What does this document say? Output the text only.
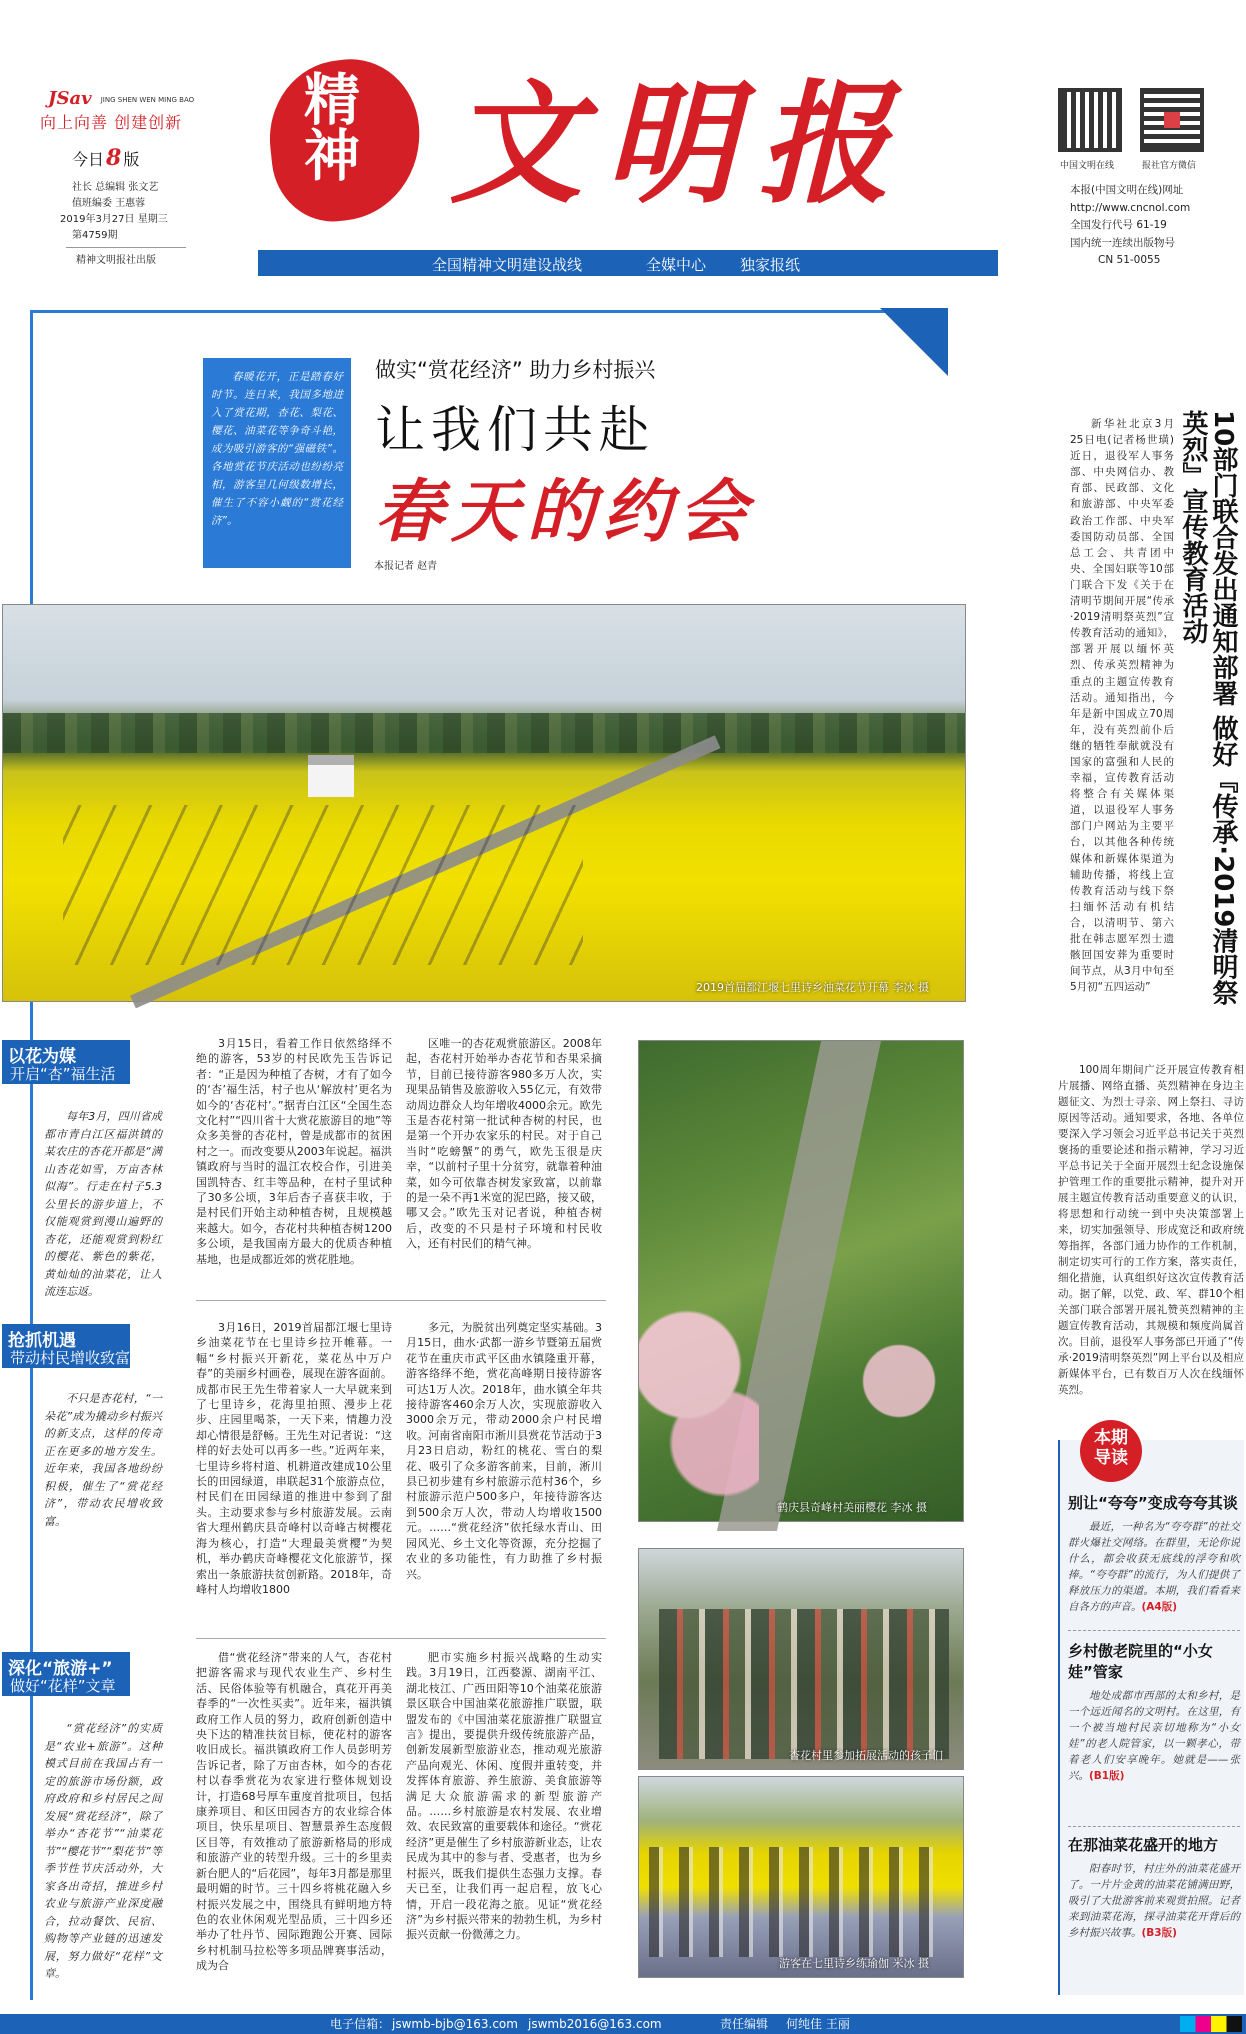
JSav JING SHEN WEN MING BAO
向上向善 创建创新
今日8 版
社长 总编辑 张文艺
值班编委 王惠蓉
2019年3月27日 星期三
第4759期
精神文明报社出版
精神 文明报
全国精神文明建设战线	全媒中心 独家报纸
中国文明在线	报社官方微信
本报(中国文明在线)网址
http://www.cncnol.com
全国发行代号 61-19
国内统一连续出版物号
CN 51-0055
春暖花开，正是踏春好时节。连日来，我国多地进入了赏花期，杏花、梨花、樱花、油菜花等争奇斗艳，成为吸引游客的“强磁铁”。各地赏花节庆活动也纷纷亮相，游客呈几何级数增长，催生了不容小觑的“赏花经济”。
做实“赏花经济” 助力乡村振兴
让我们共赴
春天的约会
本报记者 赵青
2019首届都江堰七里诗乡油菜花节开幕 李冰 摄
以花为媒
开启“杏”福生活

每年3月，四川省成都市青白江区福洪镇的某农庄的杏花开都是“满山杏花如雪，万亩杏林似海”。行走在村子5.3公里长的游步道上，不仅能观赏到漫山遍野的杏花，还能观赏到粉红的樱花、紫色的紫花，黄灿灿的油菜花，让人流连忘返。

抢抓机遇
带动村民增收致富

不只是杏花村，“一朵花”成为撬动乡村振兴的新支点，这样的传奇正在更多的地方发生。近年来，我国各地纷纷积极，催生了“赏花经济”，带动农民增收致富。

深化“旅游+”
做好“花样”文章

“赏花经济”的实质是“农业+旅游”。这种模式目前在我国占有一定的旅游市场份额，政府政府和乡村居民之间发展“赏花经济”，除了举办“杏花节”“油菜花节”“樱花节”“梨花节”等季节性节庆活动外，大家各出奇招，推进乡村农业与旅游产业深度融合，拉动餐饮、民宿、购物等产业链的迅速发展，努力做好“花样”文章。

3月15日，看着工作日依然络绎不绝的游客，53岁的村民欧先玉告诉记者：“正是因为种植了杏树，才有了如今的‘杏’福生活，村子也从‘解放村’更名为如今的‘杏花村’。”据青白江区“全国生态文化村”“四川省十大赏花旅游目的地”等众多美誉的杏花村，曾是成都市的贫困村之一。而改变要从2003年说起。福洪镇政府与当时的温江农校合作，引进美国凯特杏、红丰等品种，在村子里试种了30多公顷，3年后杏子喜获丰收，于是村民们开始主动种植杏树，且规模越来越大。如今，杏花村共种植杏树1200多公顷，是我国南方最大的优质杏种植基地，也是成都近郊的赏花胜地。

区唯一的杏花观赏旅游区。2008年起，杏花村开始举办杏花节和杏果采摘节，目前已接待游客980多万人次，实现果品销售及旅游收入55亿元，有效带动周边群众人均年增收4000余元。欧先玉是杏花村第一批试种杏树的村民，也是第一个开办农家乐的村民。对于自己当时“吃螃蟹”的勇气，欧先玉很是庆幸，“以前村子里十分贫穷，就靠着种油菜，如今可依靠杏树发家致富，以前靠的是一朵不再1米宽的泥巴路，接又破，哪又会。”欧先玉对记者说，种植杏树后，改变的不只是村子环境和村民收入，还有村民们的精气神。

3月16日，2019首届都江堰七里诗乡油菜花节在七里诗乡拉开帷幕。一幅“乡村振兴开新花，菜花丛中万户春”的美丽乡村画卷，展现在游客面前。成都市民王先生带着家人一大早就来到了七里诗乡，花海里拍照、漫步上花步、庄园里喝茶，一天下来，情趣力没却心情很是舒畅。王先生对记者说：“这样的好去处可以再多一些。”近两年来，七里诗乡将村道、机耕道改建成10公里长的田园绿道，串联起31个旅游点位，村民们在田园绿道的推进中参到了甜头。主动要求参与乡村旅游发展。云南省大理州鹤庆县奇峰村以奇峰古树樱花海为核心，打造“大理最美赏樱”为契机，举办鹤庆奇峰樱花文化旅游节，探索出一条旅游扶贫创新路。2018年，奇峰村人均增收1800

多元，为脱贫出列奠定坚实基础。3月15日，曲水·武都一游乡节暨第五届赏花节在重庆市武平区曲水镇隆重开幕，游客络绎不绝，赏花高峰期日接待游客可达1万人次。2018年，曲水镇全年共接待游客460余万人次，实现旅游收入3000余万元，带动2000余户村民增收。河南省南阳市淅川县赏花节活动于3月23日启动，粉红的桃花、雪白的梨花、吸引了众多游客前来，目前，淅川县已初步建有乡村旅游示范村36个，乡村旅游示范户500多户，年接待游客达到500余万人次，带动人均增收1500元。……“赏花经济”依托绿水青山、田园风光、乡土文化等资源，充分挖掘了农业的多功能性，有力助推了乡村振兴。

借“赏花经济”带来的人气，杏花村把游客需求与现代农业生产、乡村生活、民俗体验等有机融合，真花开再美春季的“一次性买卖”。近年来，福洪镇政府工作人员的努力，政府创新创造中央下达的精准扶贫目标，使花村的游客收旧成长。福洪镇政府工作人员彭明芳告诉记者，除了万亩杏林，如今的杏花村以春季赏花为农家进行整体规划设计，打造68号厚车重度首批项目，包括康养项目、和区田园杏方的农业综合体项目，快乐星项目、智慧景养生态度假区目等，有效推动了旅游新格局的形成和旅游产业的转型升级。三十的乡里卖新台肥人的“后花园”，每年3月都是那里最明媚的时节。三十四乡将桃花融入乡村振兴发展之中，围绕具有鲜明地方特色的农业休闲观光型品质，三十四乡还举办了牡丹节、园际跑跑公开赛、园际乡村机制马拉松等多项品牌赛事活动，成为合

肥市实施乡村振兴战略的生动实践。3月19日，江西婺源、湖南平江、湖北枝江、广西田阳等10个油菜花旅游景区联合中国油菜花旅游推广联盟，联盟发布的《中国油菜花旅游推广联盟宣言》提出，要提供升级传统旅游产品，创新发展新型旅游业态，推动观光旅游产品向观光、休闲、度假并重转变，并发挥体育旅游、养生旅游、美食旅游等满足大众旅游需求的新型旅游产品。……乡村旅游是农村发展、农业增效、农民致富的重要载体和途径。“赏花经济”更是催生了乡村旅游新业态，让农民成为其中的参与者、受惠者，也为乡村振兴，既我们提供生态强力支撑。春天已至，让我们再一起启程，放飞心情，开启一段花海之旅。见证“赏花经济”为乡村振兴带来的勃勃生机，为乡村振兴贡献一份微薄之力。

鹤庆县奇峰村美丽樱花 李冰 摄
杏花村里参加拓展活动的孩子们
游客在七里诗乡练瑜伽 米冰 摄
10部门联合发出通知部署 做好『传承·2019清明祭英烈』宣传教育活动

新华社北京3月25日电(记者杨世璜)近日，退役军人事务部、中央网信办、教育部、民政部、文化和旅游部、中央军委政治工作部、中央军委国防动员部、全国总工会、共青团中央、全国妇联等10部门联合下发《关于在清明节期间开展“传承·2019清明祭英烈”宣传教育活动的通知》，部署开展以缅怀英烈、传承英烈精神为重点的主题宣传教育活动。通知指出，今年是新中国成立70周年，没有英烈前仆后继的牺牲奉献就没有国家的富强和人民的幸福，宣传教育活动将整合有关媒体渠道，以退役军人事务部门户网站为主要平台，以其他各种传统媒体和新媒体渠道为辅助传播，将线上宣传教育活动与线下祭扫缅怀活动有机结合，以清明节、第六批在韩志愿军烈士遗骸回国安葬为重要时间节点，从3月中旬至5月初“五四运动”

100周年期间广泛开展宣传教育相片展播、网络直播、英烈精神在身边主题征文、为烈士寻亲、网上祭扫、寻访原因等活动。通知要求，各地、各单位要深入学习领会习近平总书记关于英烈褒扬的重要论述和指示精神，学习习近平总书记关于全面开展烈士纪念设施保护管理工作的重要批示精神，提升对开展主题宣传教育活动重要意义的认识，将思想和行动统一到中央决策部署上来，切实加强领导、形成宽泛和政府统筹指挥，各部门通力协作的工作机制，制定切实可行的工作方案，落实责任，细化措施，认真组织好这次宣传教育活动。据了解，以党、政、军、群10个相关部门联合部署开展礼赞英烈精神的主题宣传教育活动，其规模和频度尚属首次。目前，退役军人事务部已开通了“传承·2019清明祭英烈”网上平台以及相应新媒体平台，已有数百万人次在线缅怀英烈。

本期
导读
别让“夸夸”变成夸夸其谈

最近，一种名为“夸夸群”的社交群火爆社交网络。在群里，无论你说什么，都会收获无底线的浮夸和吹捧。“夸夸群”的流行，为人们提供了释放压力的渠道。本期，我们看看来自各方的声音。(A4版)

乡村傲老院里的“小女娃”管家

地处成都市西部的太和乡村，是一个远近闻名的文明村。在这里，有一个被当地村民亲切地称为“小女娃”的老人院管家，以一颗孝心，带着老人们安享晚年。她就是——张兴。(B1版)

在那油菜花盛开的地方

阳春时节，村庄外的油菜花盛开了。一片片金黄的油菜花铺满田野，吸引了大批游客前来观赏拍照。记者来到油菜花海，探寻油菜花开背后的乡村振兴故事。(B3版)

电子信箱： jswmb-bjb@163.com jswmb2016@163.com	责任编辑 何纯佳 王丽
